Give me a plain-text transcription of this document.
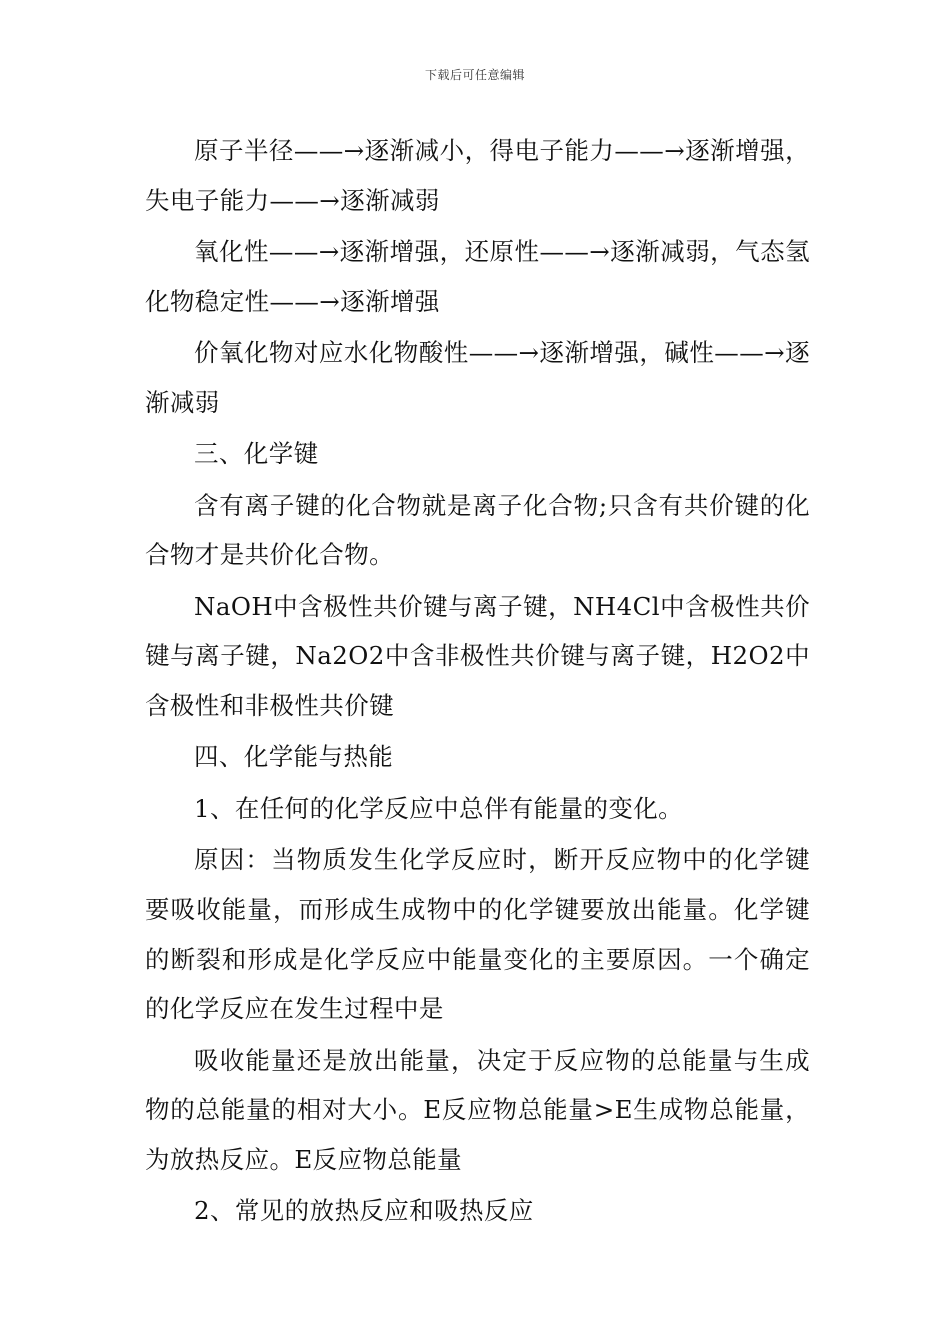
下载后可任意编辑

原子半径——→逐渐减小，得电子能力——→逐渐增强，失电子能力——→逐渐减弱

氧化性——→逐渐增强，还原性——→逐渐减弱，气态氢化物稳定性——→逐渐增强

价氧化物对应水化物酸性——→逐渐增强，碱性——→逐渐减弱

三、化学键

含有离子键的化合物就是离子化合物;只含有共价键的化合物才是共价化合物。

NaOH中含极性共价键与离子键，NH4Cl中含极性共价键与离子键，Na2O2中含非极性共价键与离子键，H2O2中含极性和非极性共价键

四、化学能与热能

1、在任何的化学反应中总伴有能量的变化。

原因：当物质发生化学反应时，断开反应物中的化学键要吸收能量，而形成生成物中的化学键要放出能量。化学键的断裂和形成是化学反应中能量变化的主要原因。一个确定的化学反应在发生过程中是

吸收能量还是放出能量，决定于反应物的总能量与生成物的总能量的相对大小。E反应物总能量>E生成物总能量，为放热反应。E反应物总能量

2、常见的放热反应和吸热反应
